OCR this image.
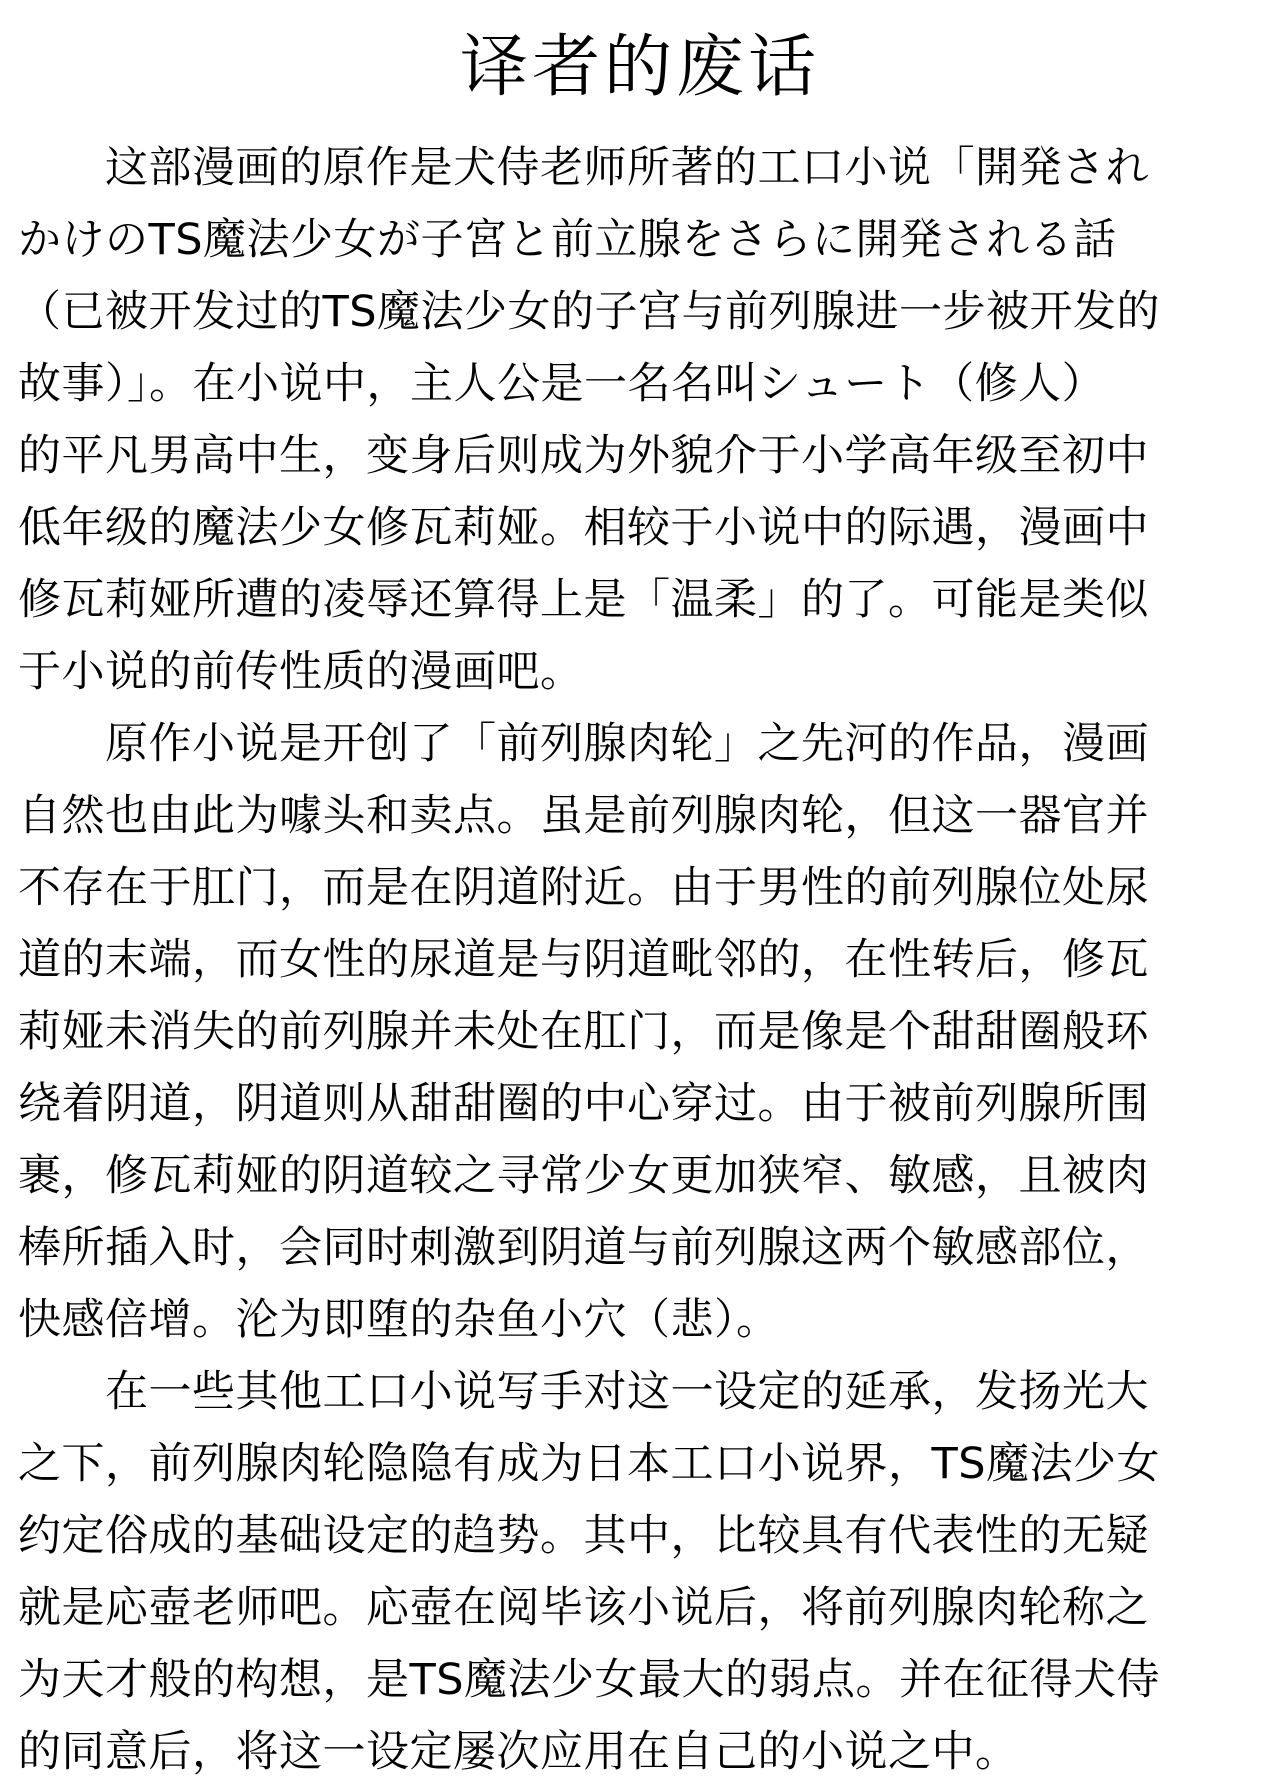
译者的废话
　　这部漫画的原作是犬侍老师所著的工口小说「開発され
かけのTS魔法少女が子宮と前立腺をさらに開発される話
（已被开发过的TS魔法少女的子宫与前列腺进一步被开发的
故事）」。在小说中，主人公是一名名叫シュート（修人）
的平凡男高中生，变身后则成为外貌介于小学高年级至初中
低年级的魔法少女修瓦莉娅。相较于小说中的际遇，漫画中
修瓦莉娅所遭的凌辱还算得上是「温柔」的了。可能是类似
于小说的前传性质的漫画吧。
　　原作小说是开创了「前列腺肉轮」之先河的作品，漫画
自然也由此为噱头和卖点。虽是前列腺肉轮，但这一器官并
不存在于肛门，而是在阴道附近。由于男性的前列腺位处尿
道的末端，而女性的尿道是与阴道毗邻的，在性转后，修瓦
莉娅未消失的前列腺并未处在肛门，而是像是个甜甜圈般环
绕着阴道，阴道则从甜甜圈的中心穿过。由于被前列腺所围
裹，修瓦莉娅的阴道较之寻常少女更加狭窄、敏感，且被肉
棒所插入时，会同时刺激到阴道与前列腺这两个敏感部位，
快感倍增。沦为即堕的杂鱼小穴（悲）。
　　在一些其他工口小说写手对这一设定的延承，发扬光大
之下，前列腺肉轮隐隐有成为日本工口小说界，TS魔法少女
约定俗成的基础设定的趋势。其中，比较具有代表性的无疑
就是応壺老师吧。応壺在阅毕该小说后，将前列腺肉轮称之
为天才般的构想，是TS魔法少女最大的弱点。并在征得犬侍
的同意后，将这一设定屡次应用在自己的小说之中。
